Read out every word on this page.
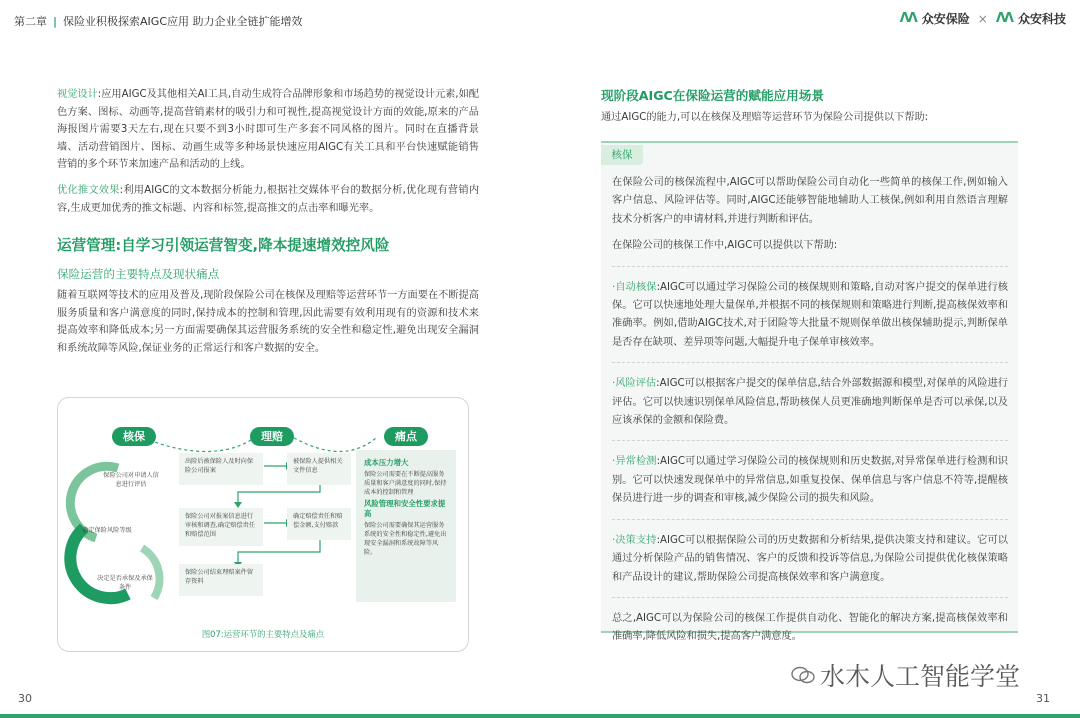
第二章 | 保险业积极探索AIGC应用 助力企业全链扩能增效	ᐱᐱ 众安保险 × ᐱᐱ 众安科技

视觉设计:应用AIGC及其他相关AI工具,自动生成符合品牌形象和市场趋势的视觉设计元素,如配色方案、图标、动画等,提高营销素材的吸引力和可视性,提高视觉设计方面的效能,原来的产品海报图片需要3天左右,现在只要不到3小时即可生产多套不同风格的图片。同时在直播背景墙、活动营销图片、图标、动画生成等多种场景快速应用AIGC有关工具和平台快速赋能销售营销的多个环节来加速产品和活动的上线。

优化推文效果:利用AIGC的文本数据分析能力,根据社交媒体平台的数据分析,优化现有营销内容,生成更加优秀的推文标题、内容和标签,提高推文的点击率和曝光率。

运营管理:自学习引领运营智变,降本提速增效控风险
保险运营的主要特点及现状痛点

随着互联网等技术的应用及普及,现阶段保险公司在核保及理赔等运营环节一方面要在不断提高服务质量和客户满意度的同时,保持成本的控制和管理,因此需要有效利用现有的资源和技术来提高效率和降低成本;另一方面需要确保其运营服务系统的安全性和稳定性,避免出现安全漏洞和系统故障等风险,保证业务的正常运行和客户数据的安全。

核保	理赔	痛点
保险公司对申请人信息进行评估
确定保险风险等级
决定是否承保及承保条件
出险后被保险人及时向保险公司报案
被保险人提供相关文件信息
保险公司对报案信息进行审核和调查,确定赔偿责任和赔偿范围
确定赔偿责任和赔偿金额,支付赔款
保险公司结束理赔案件留存资料
成本压力增大
保险公司需要在不断提高服务质量和客户满意度的同时,保持成本的控制和管理
风险管理和安全性要求提高
保险公司需要确保其运营服务系统的安全性和稳定性,避免出现安全漏洞和系统故障等风险。
图07:运营环节的主要特点及痛点
现阶段AIGC在保险运营的赋能应用场景
通过AIGC的能力,可以在核保及理赔等运营环节为保险公司提供以下帮助:
核保

在保险公司的核保流程中,AIGC可以帮助保险公司自动化一些简单的核保工作,例如输入客户信息、风险评估等。同时,AIGC还能够智能地辅助人工核保,例如利用自然语言理解技术分析客户的申请材料,并进行判断和评估。

在保险公司的核保工作中,AIGC可以提供以下帮助:

·自动核保:AIGC可以通过学习保险公司的核保规则和策略,自动对客户提交的保单进行核保。它可以快速地处理大量保单,并根据不同的核保规则和策略进行判断,提高核保效率和准确率。例如,借助AIGC技术,对于团险等大批量不规则保单做出核保辅助提示,判断保单是否存在缺项、差异项等问题,大幅提升电子保单审核效率。

·风险评估:AIGC可以根据客户提交的保单信息,结合外部数据源和模型,对保单的风险进行评估。它可以快速识别保单风险信息,帮助核保人员更准确地判断保单是否可以承保,以及应该承保的金额和保险费。

·异常检测:AIGC可以通过学习保险公司的核保规则和历史数据,对异常保单进行检测和识别。它可以快速发现保单中的异常信息,如重复投保、保单信息与客户信息不符等,提醒核保员进行进一步的调查和审核,减少保险公司的损失和风险。

·决策支持:AIGC可以根据保险公司的历史数据和分析结果,提供决策支持和建议。它可以通过分析保险产品的销售情况、客户的反馈和投诉等信息,为保险公司提供优化核保策略和产品设计的建议,帮助保险公司提高核保效率和客户满意度。

总之,AIGC可以为保险公司的核保工作提供自动化、智能化的解决方案,提高核保效率和准确率,降低风险和损失,提高客户满意度。

30	31
水木人工智能学堂
